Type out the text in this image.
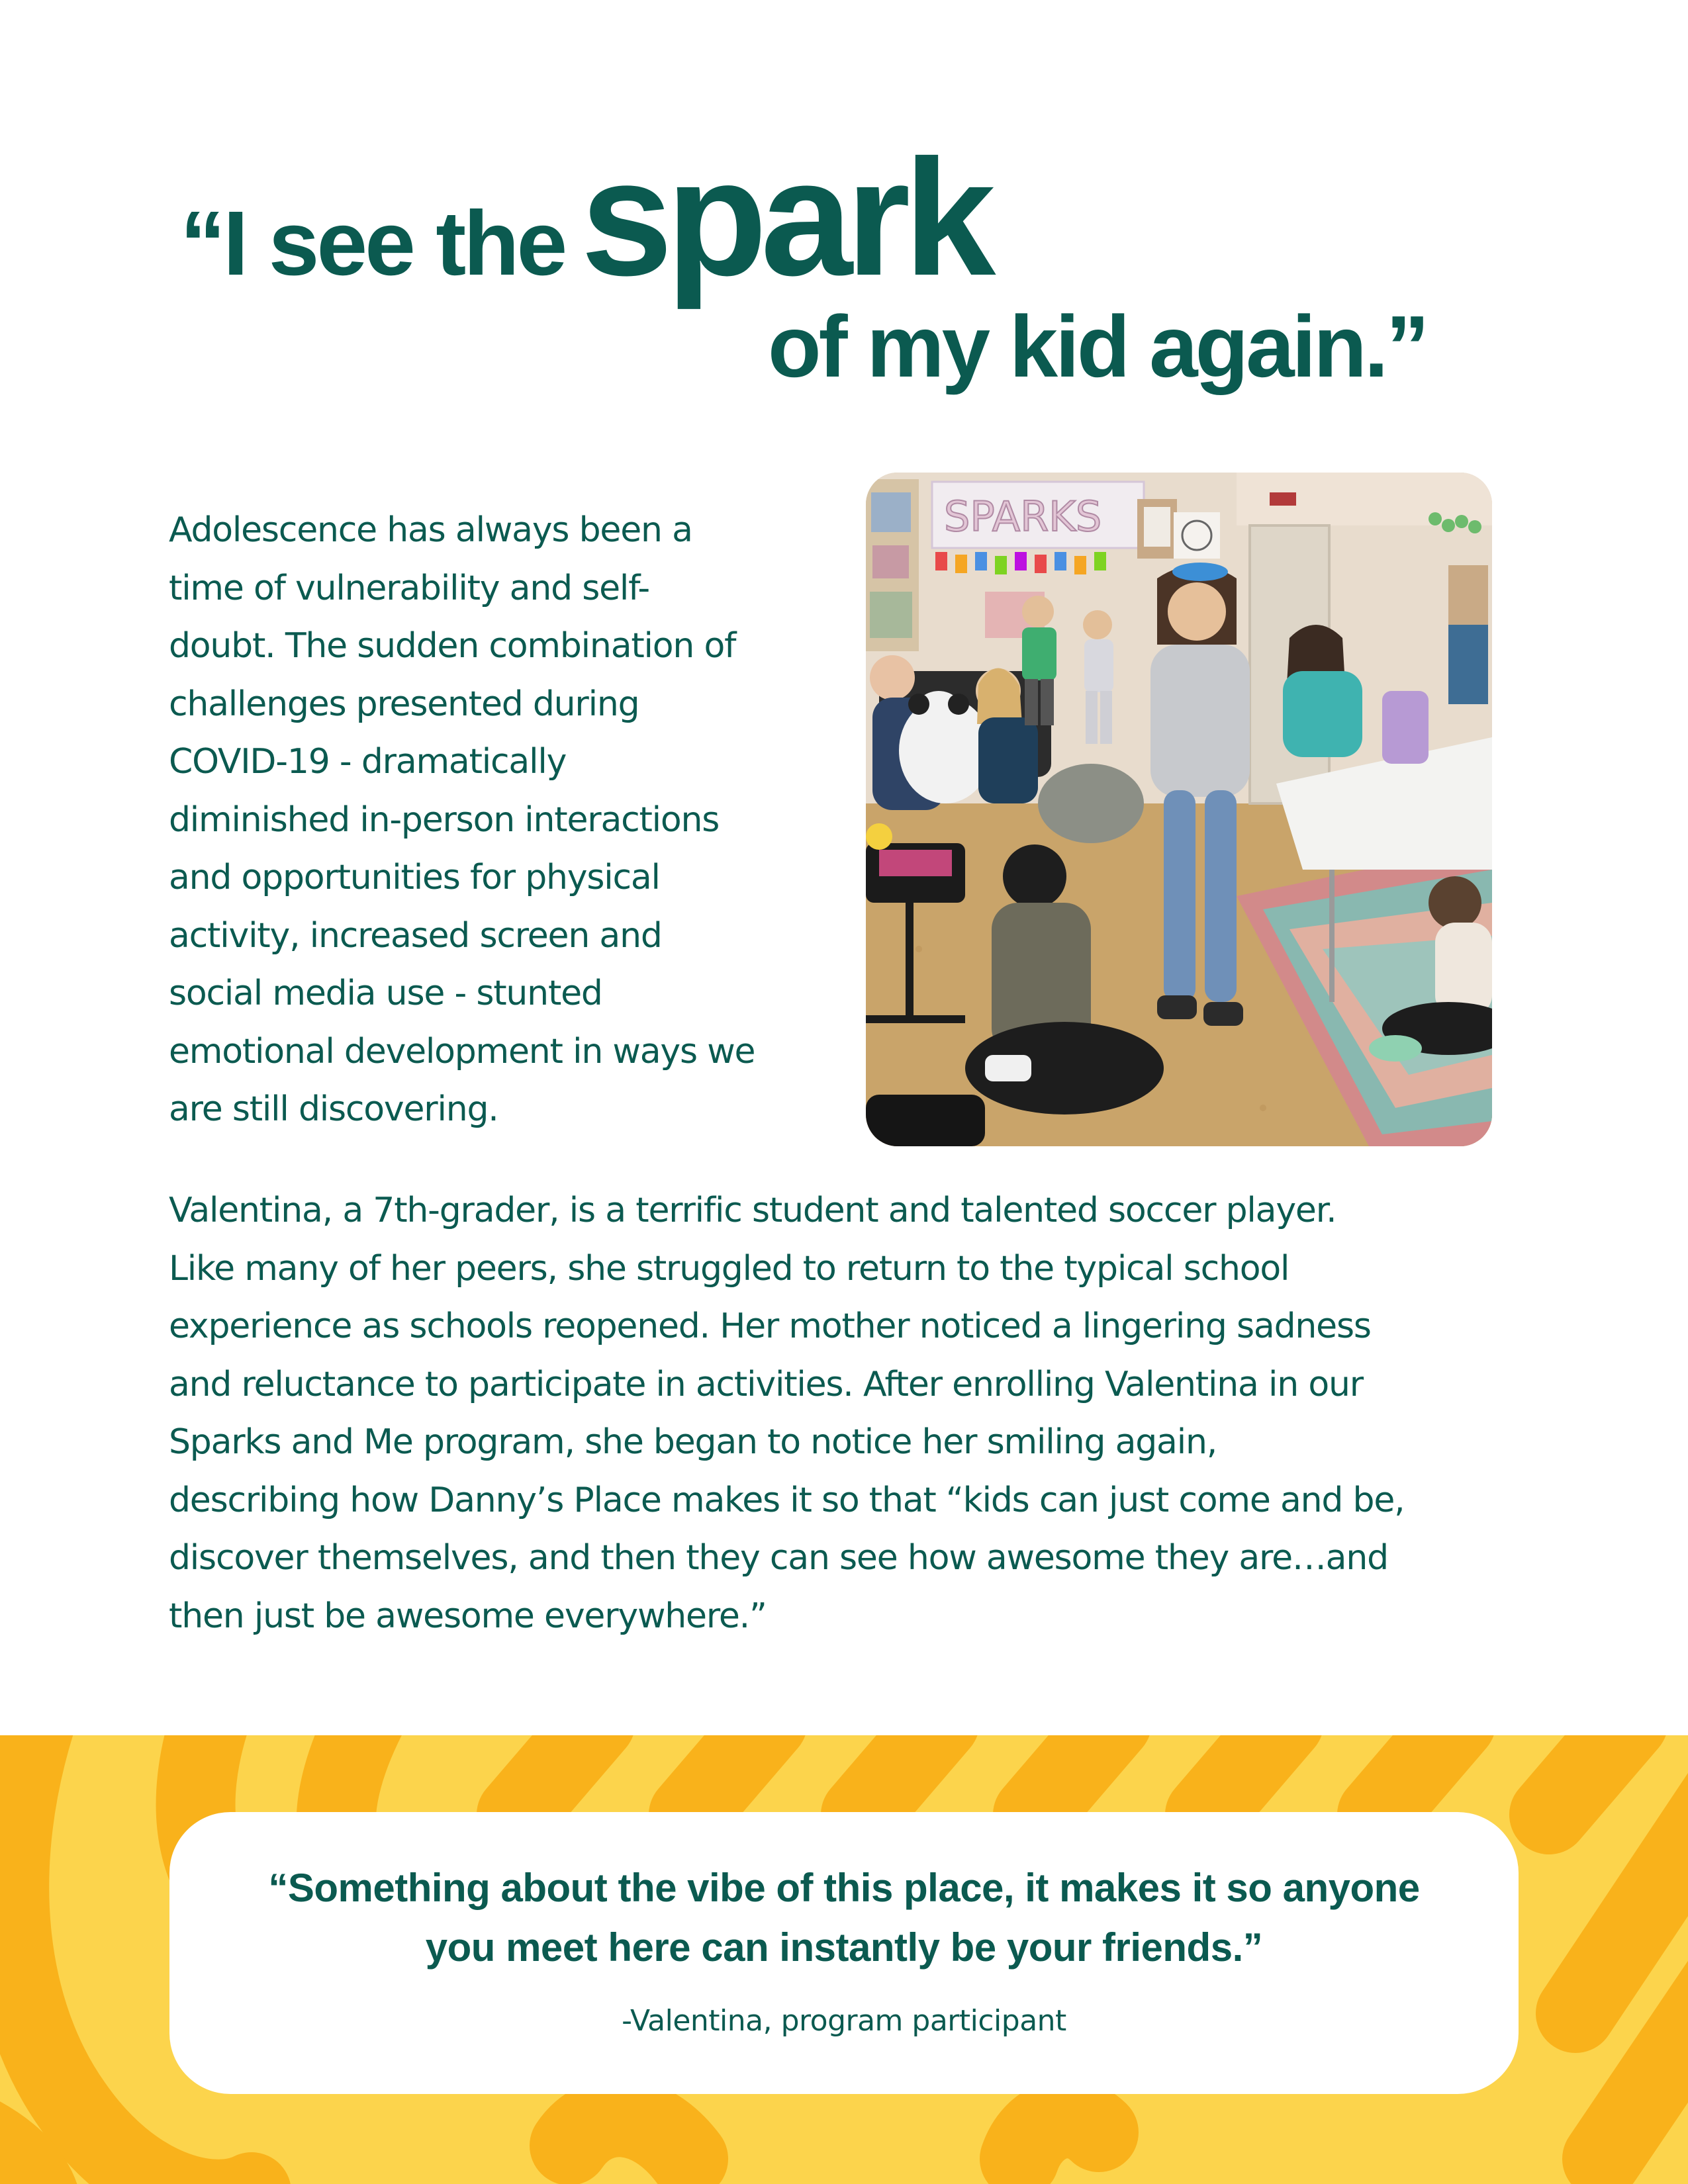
“I see thespark
of my kid again.”

Adolescence has always been a
time of vulnerability and self-
doubt. The sudden combination of
challenges presented during
COVID-19 - dramatically
diminished in-person interactions
and opportunities for physical
activity, increased screen and
social media use - stunted
emotional development in ways we
are still discovering.

SPARKS

Valentina, a 7th-grader, is a terrific student and talented soccer player.
Like many of her peers, she struggled to return to the typical school
experience as schools reopened. Her mother noticed a lingering sadness
and reluctance to participate in activities. After enrolling Valentina in our
Sparks and Me program, she began to notice her smiling again,
describing how Danny’s Place makes it so that “kids can just come and be,
discover themselves, and then they can see how awesome they are…and
then just be awesome everywhere.”

“Something about the vibe of this place, it makes it so anyone
you meet here can instantly be your friends.”
-Valentina, program participant
